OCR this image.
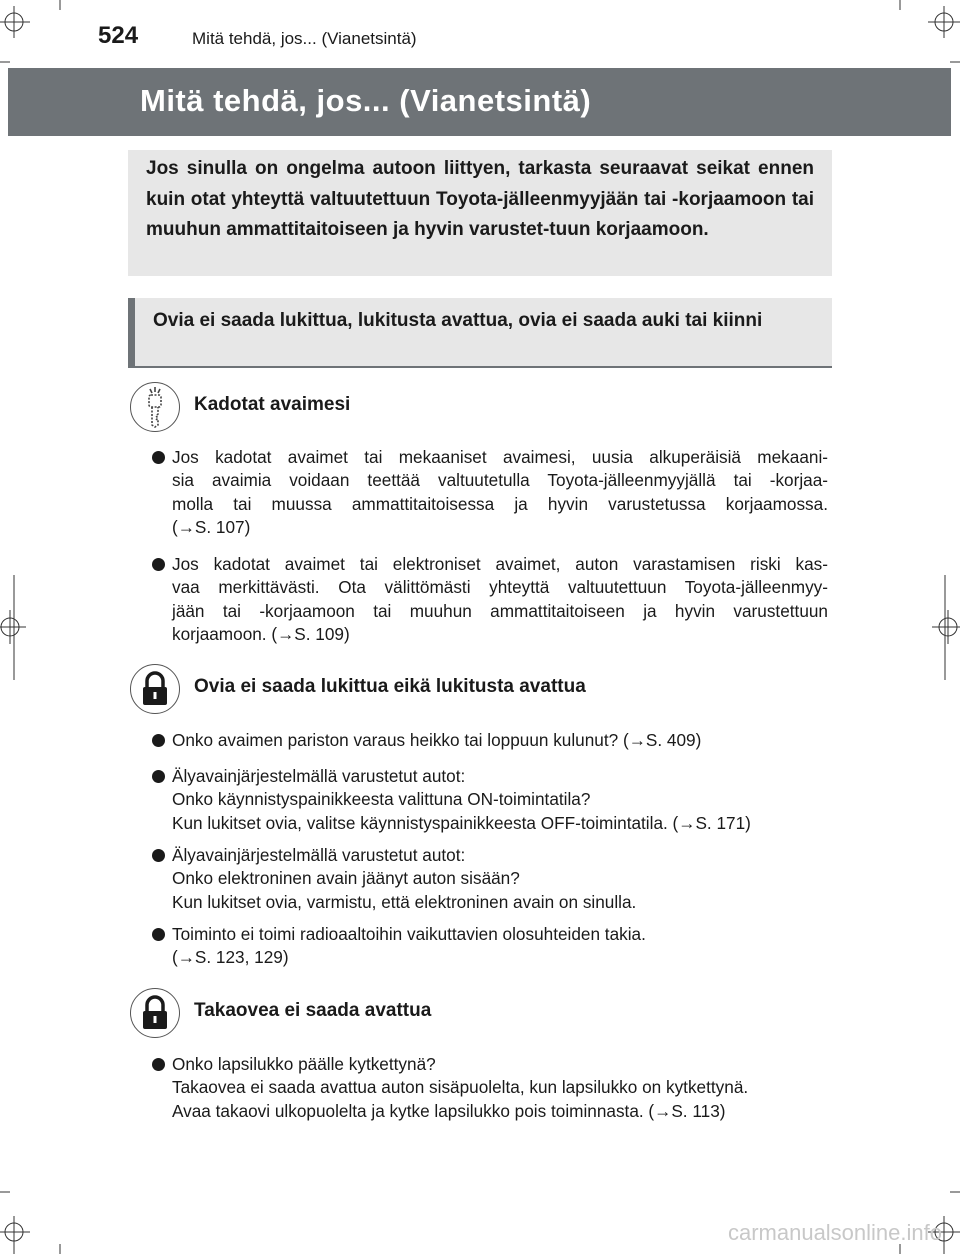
524	Mitä tehdä, jos... (Vianetsintä)
Mitä tehdä, jos... (Vianetsintä)
Jos sinulla on ongelma autoon liittyen, tarkasta seuraavat seikat ennen kuin otat yhteyttä valtuutettuun Toyota-jälleenmyyjään tai -korjaamoon tai muuhun ammattitaitoiseen ja hyvin varustet-tuun korjaamoon.
Ovia ei saada lukittua, lukitusta avattua, ovia ei saada auki tai kiinni
Kadotat avaimesi
Jos kadotat avaimet tai mekaaniset avaimesi, uusia alkuperäisiä mekaani-
sia avaimia voidaan teettää valtuutetulla Toyota-jälleenmyyjällä tai -korjaa-
molla tai muussa ammattitaitoisessa ja hyvin varustetussa korjaamossa.
(→S. 107)
Jos kadotat avaimet tai elektroniset avaimet, auton varastamisen riski kas-
vaa merkittävästi. Ota välittömästi yhteyttä valtuutettuun Toyota-jälleenmyy-
jään tai -korjaamoon tai muuhun ammattitaitoiseen ja hyvin varustettuun
korjaamoon. (→S. 109)
Ovia ei saada lukittua eikä lukitusta avattua
Onko avaimen pariston varaus heikko tai loppuun kulunut? (→S. 409)
Älyavainjärjestelmällä varustetut autot:
Onko käynnistyspainikkeesta valittuna ON-toimintatila?
Kun lukitset ovia, valitse käynnistyspainikkeesta OFF-toimintatila. (→S. 171)
Älyavainjärjestelmällä varustetut autot:
Onko elektroninen avain jäänyt auton sisään?
Kun lukitset ovia, varmistu, että elektroninen avain on sinulla.
Toiminto ei toimi radioaaltoihin vaikuttavien olosuhteiden takia.
(→S. 123, 129)
Takaovea ei saada avattua
Onko lapsilukko päälle kytkettynä?
Takaovea ei saada avattua auton sisäpuolelta, kun lapsilukko on kytkettynä.
Avaa takaovi ulkopuolelta ja kytke lapsilukko pois toiminnasta. (→S. 113)
carmanualsonline.info
